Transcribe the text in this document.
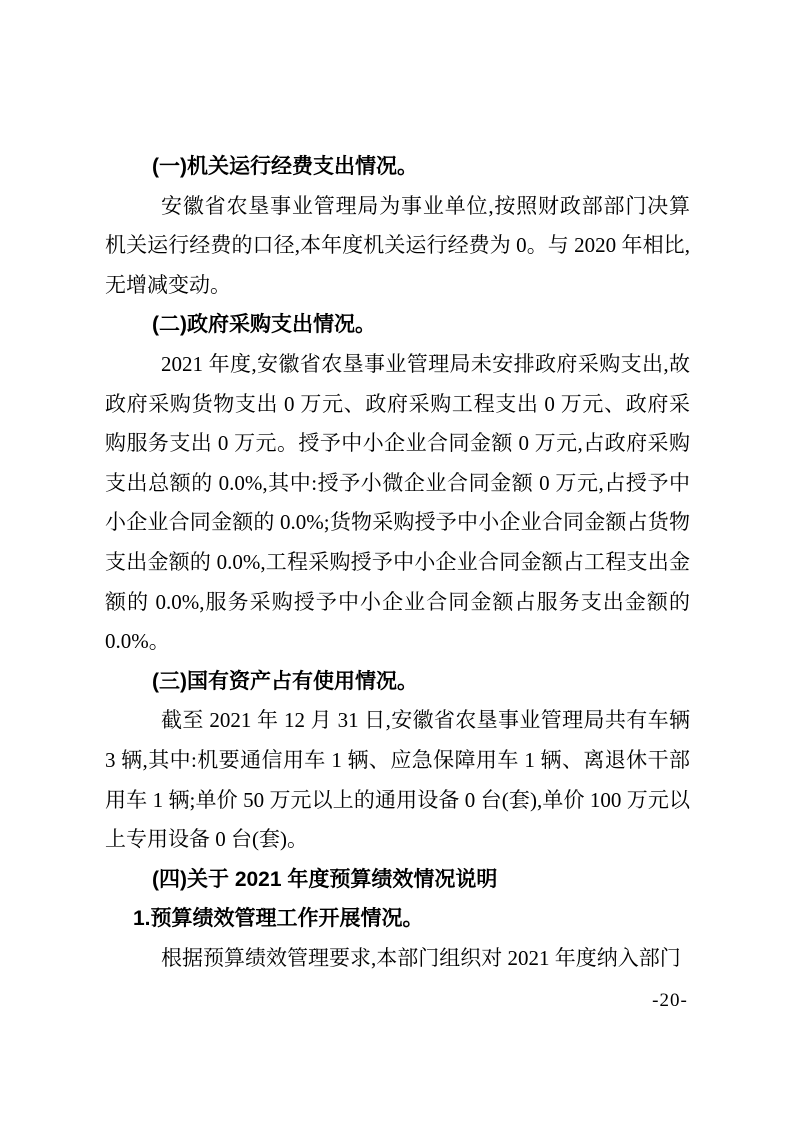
(一)机关运行经费支出情况。

安徽省农垦事业管理局为事业单位,按照财政部部门决算机关运行经费的口径,本年度机关运行经费为 0。与 2020 年相比,无增减变动。

(二)政府采购支出情况。

2021 年度,安徽省农垦事业管理局未安排政府采购支出,故政府采购货物支出 0 万元、政府采购工程支出 0 万元、政府采购服务支出 0 万元。授予中小企业合同金额 0 万元,占政府采购支出总额的 0.0%,其中:授予小微企业合同金额 0 万元,占授予中小企业合同金额的 0.0%;货物采购授予中小企业合同金额占货物支出金额的 0.0%,工程采购授予中小企业合同金额占工程支出金额的 0.0%,服务采购授予中小企业合同金额占服务支出金额的 0.0%。

(三)国有资产占有使用情况。

截至 2021 年 12 月 31 日,安徽省农垦事业管理局共有车辆 3 辆,其中:机要通信用车 1 辆、应急保障用车 1 辆、离退休干部用车 1 辆;单价 50 万元以上的通用设备 0 台(套),单价 100 万元以上专用设备 0 台(套)。

(四)关于 2021 年度预算绩效情况说明
1.预算绩效管理工作开展情况。

根据预算绩效管理要求,本部门组织对 2021 年度纳入部门

-20-
